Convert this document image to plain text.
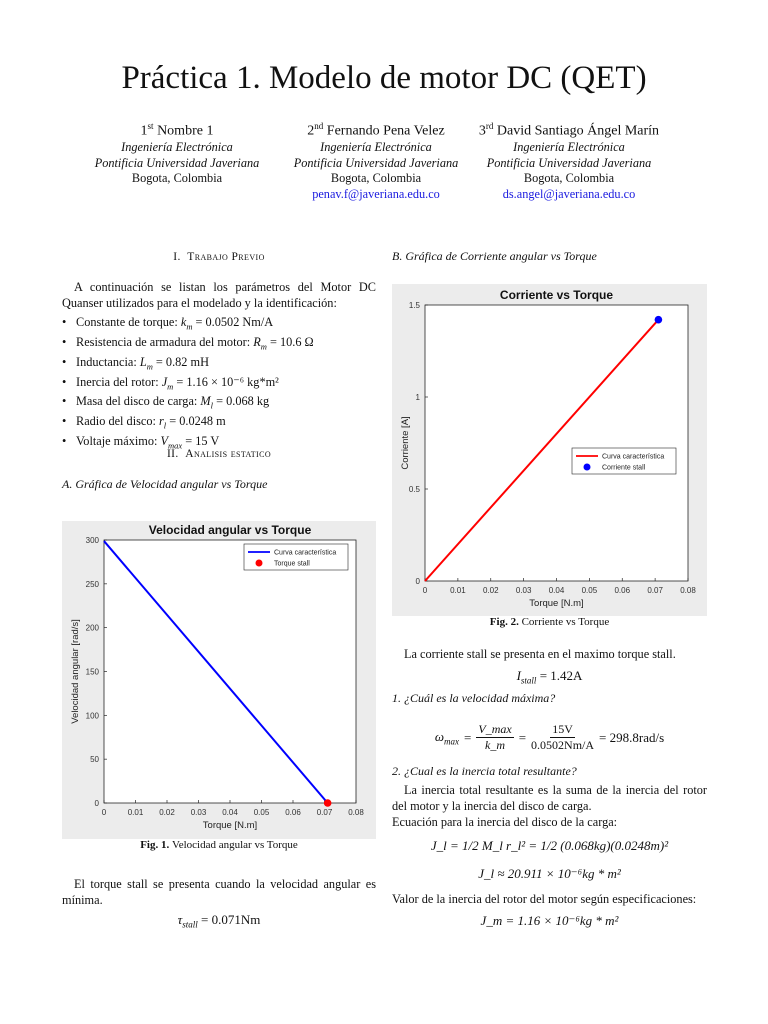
Práctica 1. Modelo de motor DC (QET)
1st Nombre 1
Ingeniería Electrónica
Pontificia Universidad Javeriana
Bogota, Colombia
2nd Fernando Pena Velez
Ingeniería Electrónica
Pontificia Universidad Javeriana
Bogota, Colombia
penav.f@javeriana.edu.co
3rd David Santiago Ángel Marín
Ingeniería Electrónica
Pontificia Universidad Javeriana
Bogota, Colombia
ds.angel@javeriana.edu.co
I. Trabajo Previo
A continuación se listan los parámetros del Motor DC Quanser utilizados para el modelado y la identificación:
• Constante de torque: $k_m = 0.0502$ Nm/A
• Resistencia de armadura del motor: $R_m = 10.6$ Ω
• Inductancia: $L_m = 0.82$ mH
• Inercia del rotor: $J_m = 1.16 \times 10^{-6}$ kg*m²
• Masa del disco de carga: $M_l = 0.068$ kg
• Radio del disco: $r_l = 0.0248$ m
• Voltaje máximo: $V_{max} = 15$ V
II. Analisis estatico
A. Gráfica de Velocidad angular vs Torque
Velocidad angular vs Torque
0	0.01 0.02 0.03 0.04 0.05 0.06 0.07 0.08
0
50
100
150
200
250
300
Torque [N.m]
Velocidad angular [rad/s]
Curva característica
Torque stall
Fig. 1. Velocidad angular vs Torque
El torque stall se presenta cuando la velocidad angular es mínima.
$\tau_{stall} = 0.071Nm$
B. Gráfica de Corriente angular vs Torque
Corriente vs Torque
0	0.01 0.02 0.03 0.04 0.05 0.06 0.07 0.08
0
0.5
1
1.5
Torque [N.m]
Corriente [A]	Curva característica
Corriente stall
Fig. 2. Corriente vs Torque
La corriente stall se presenta en el maximo torque stall.
$I_{stall} = 1.42A$
1. ¿Cuál es la velocidad máxima?
$\omega_{max}$ =
V_max
k_m
= $\frac{15V}{0.0502Nm/A} = 298.8rad/s$
2. ¿Cual es la inercia total resultante?
La inercia total resultante es la suma de la inercia del rotor del motor y la inercia del disco de carga.
Ecuación para la inercia del disco de la carga:
J_l = 1/2 M_l r_l² = 1/2 (0.068kg)(0.0248m)²
J_l ≈ 20.911 × 10⁻⁶kg * m²
Valor de la inercia del rotor del motor según especificaciones:
J_m = 1.16 × 10⁻⁶kg * m²
